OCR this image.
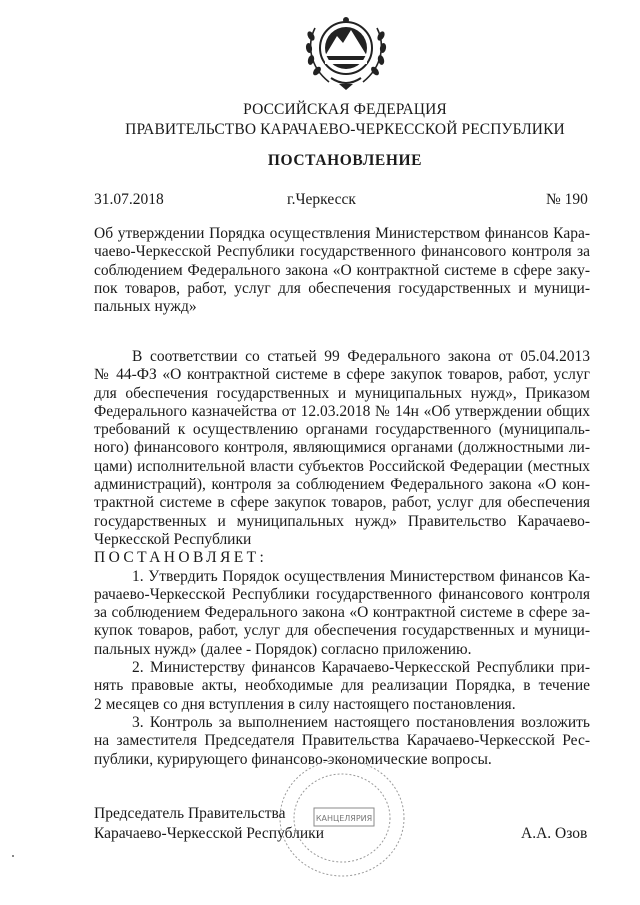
РОССИЙСКАЯ ФЕДЕРАЦИЯ
ПРАВИТЕЛЬСТВО КАРАЧАЕВО-ЧЕРКЕССКОЙ РЕСПУБЛИКИ
ПОСТАНОВЛЕНИЕ
31.07.2018	г.Черкесск	№ 190
Об утверждении Порядка осуществления Министерством финансов Кара-
чаево-Черкесской Республики государственного финансового контроля за
соблюдением Федерального закона «О контрактной системе в сфере заку-
пок товаров, работ, услуг для обеспечения государственных и муници-
пальных нужд»
В соответствии со статьей 99 Федерального закона от 05.04.2013
№ 44-ФЗ «О контрактной системе в сфере закупок товаров, работ, услуг
для обеспечения государственных и муниципальных нужд», Приказом
Федерального казначейства от 12.03.2018 № 14н «Об утверждении общих
требований к осуществлению органами государственного (муниципаль-
ного) финансового контроля, являющимися органами (должностными ли-
цами) исполнительной власти субъектов Российской Федерации (местных
администраций), контроля за соблюдением Федерального закона «О кон-
трактной системе в сфере закупок товаров, работ, услуг для обеспечения
государственных и муниципальных нужд» Правительство Карачаево-
Черкесской Республики
ПОСТАНОВЛЯЕТ:
1. Утвердить Порядок осуществления Министерством финансов Ка-
рачаево-Черкесской Республики государственного финансового контроля
за соблюдением Федерального закона «О контрактной системе в сфере за-
купок товаров, работ, услуг для обеспечения государственных и муници-
пальных нужд» (далее - Порядок) согласно приложению.
2. Министерству финансов Карачаево-Черкесской Республики при-
нять правовые акты, необходимые для реализации Порядка, в течение
2 месяцев со дня вступления в силу настоящего постановления.
3. Контроль за выполнением настоящего постановления возложить
на заместителя Председателя Правительства Карачаево-Черкесской Рес-
публики, курирующего финансово-экономические вопросы.
КАНЦЕЛЯРИЯ
Председатель Правительства
Карачаево-Черкесской Республики	А.А. Озов
